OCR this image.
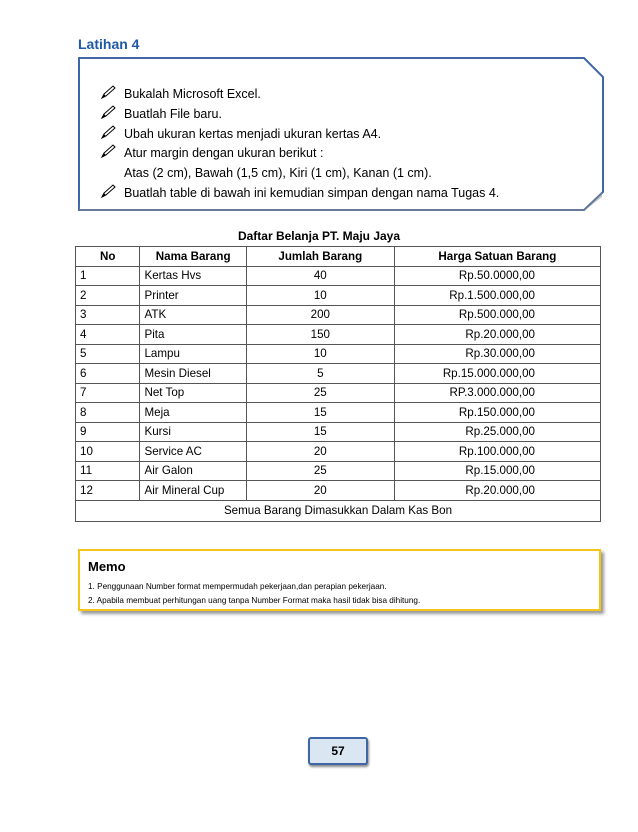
Latihan 4
Bukalah Microsoft Excel.
Buatlah File baru.
Ubah ukuran kertas menjadi ukuran kertas A4.
Atur margin dengan ukuran berikut :
Atas (2 cm), Bawah (1,5 cm), Kiri (1 cm), Kanan (1 cm).
Buatlah table di bawah ini kemudian simpan dengan nama Tugas 4.
Daftar Belanja PT. Maju Jaya
No	Nama Barang	Jumlah Barang	Harga Satuan Barang
1	Kertas Hvs	40	Rp.50.0000,00
2	Printer	10	Rp.1.500.000,00
3	ATK	200	Rp.500.000,00
4	Pita	150	Rp.20.000,00
5	Lampu	10	Rp.30.000,00
6	Mesin Diesel	5	Rp.15.000.000,00
7	Net Top	25	RP.3.000.000,00
8	Meja	15	Rp.150.000,00
9	Kursi	15	Rp.25.000,00
10	Service AC	20	Rp.100.000,00
11	Air Galon	25	Rp.15.000,00
12	Air Mineral Cup	20	Rp.20.000,00
Semua Barang Dimasukkan Dalam Kas Bon			
Memo
1. Penggunaan Number format mempermudah pekerjaan,dan perapian pekerjaan.
2. Apabila membuat perhitungan uang tanpa Number Format maka hasil tidak bisa dihitung.
57
